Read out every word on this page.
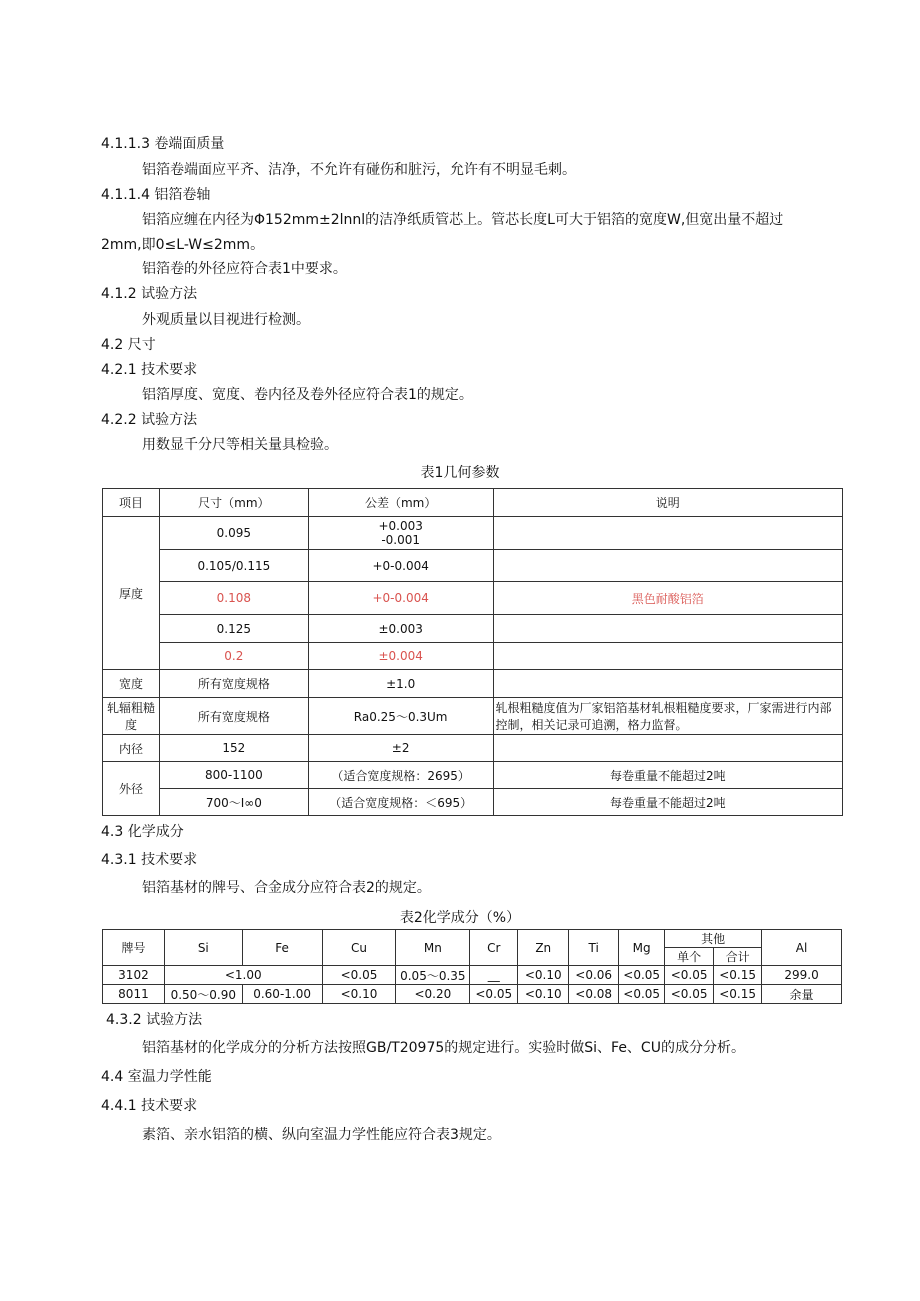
4.1.1.3 卷端面质量
铝箔卷端面应平齐、洁净，不允许有碰伤和脏污，允许有不明显毛刺。
4.1.1.4 铝箔卷轴
铝箔应缠在内径为Φ152mm±2lnnl的洁净纸质管芯上。管芯长度L可大于铝箔的宽度W,但宽出量不超过
2mm,即0≤L-W≤2mm。
铝箔卷的外径应符合表1中要求。
4.1.2 试验方法
外观质量以目视进行检测。
4.2 尺寸
4.2.1 技术要求
铝箔厚度、宽度、卷内径及卷外径应符合表1的规定。
4.2.2 试验方法
用数显千分尺等相关量具检验。
表1几何参数
项目	尺寸（mm）	公差（mm）	说明
厚度	0.095	+0.003
-0.001	

	0.105/0.115	+0-0.004	
	0.108	+0-0.004	黑色耐酸铝箔
	0.125	±0.003	
	0.2	±0.004	
宽度	所有宽度规格	±1.0	
轧辐粗糙度	所有宽度规格	Ra0.25～0.3Um	轧根粗糙度值为厂家铝箔基材轧根粗糙度要求，厂家需进行内部控制，相关记录可追溯，格力监督。
内径	152	±2	
外径	800-1100	（适合宽度规格：2695）	每卷重量不能超过2吨
	700～I∞0	（适合宽度规格：＜695）	每卷重量不能超过2吨
4.3 化学成分
4.3.1 技术要求
铝箔基材的牌号、合金成分应符合表2的规定。
表2化学成分（%）
牌号	Si	Fe	Cu	Mn	Cr	Zn	Ti	Mg	其他		Al
									单个	合计	
3102	<1.00		<0.05	0.05～0.35	__	<0.10	<0.06	<0.05	<0.05	<0.15	299.0
8011	0.50～0.90	0.60-1.00	<0.10	<0.20	<0.05	<0.10	<0.08	<0.05	<0.05	<0.15	余量
4.3.2 试验方法
铝箔基材的化学成分的分析方法按照GB/T20975的规定进行。实验时做Si、Fe、CU的成分分析。
4.4 室温力学性能
4.4.1 技术要求
素箔、亲水铝箔的横、纵向室温力学性能应符合表3规定。
